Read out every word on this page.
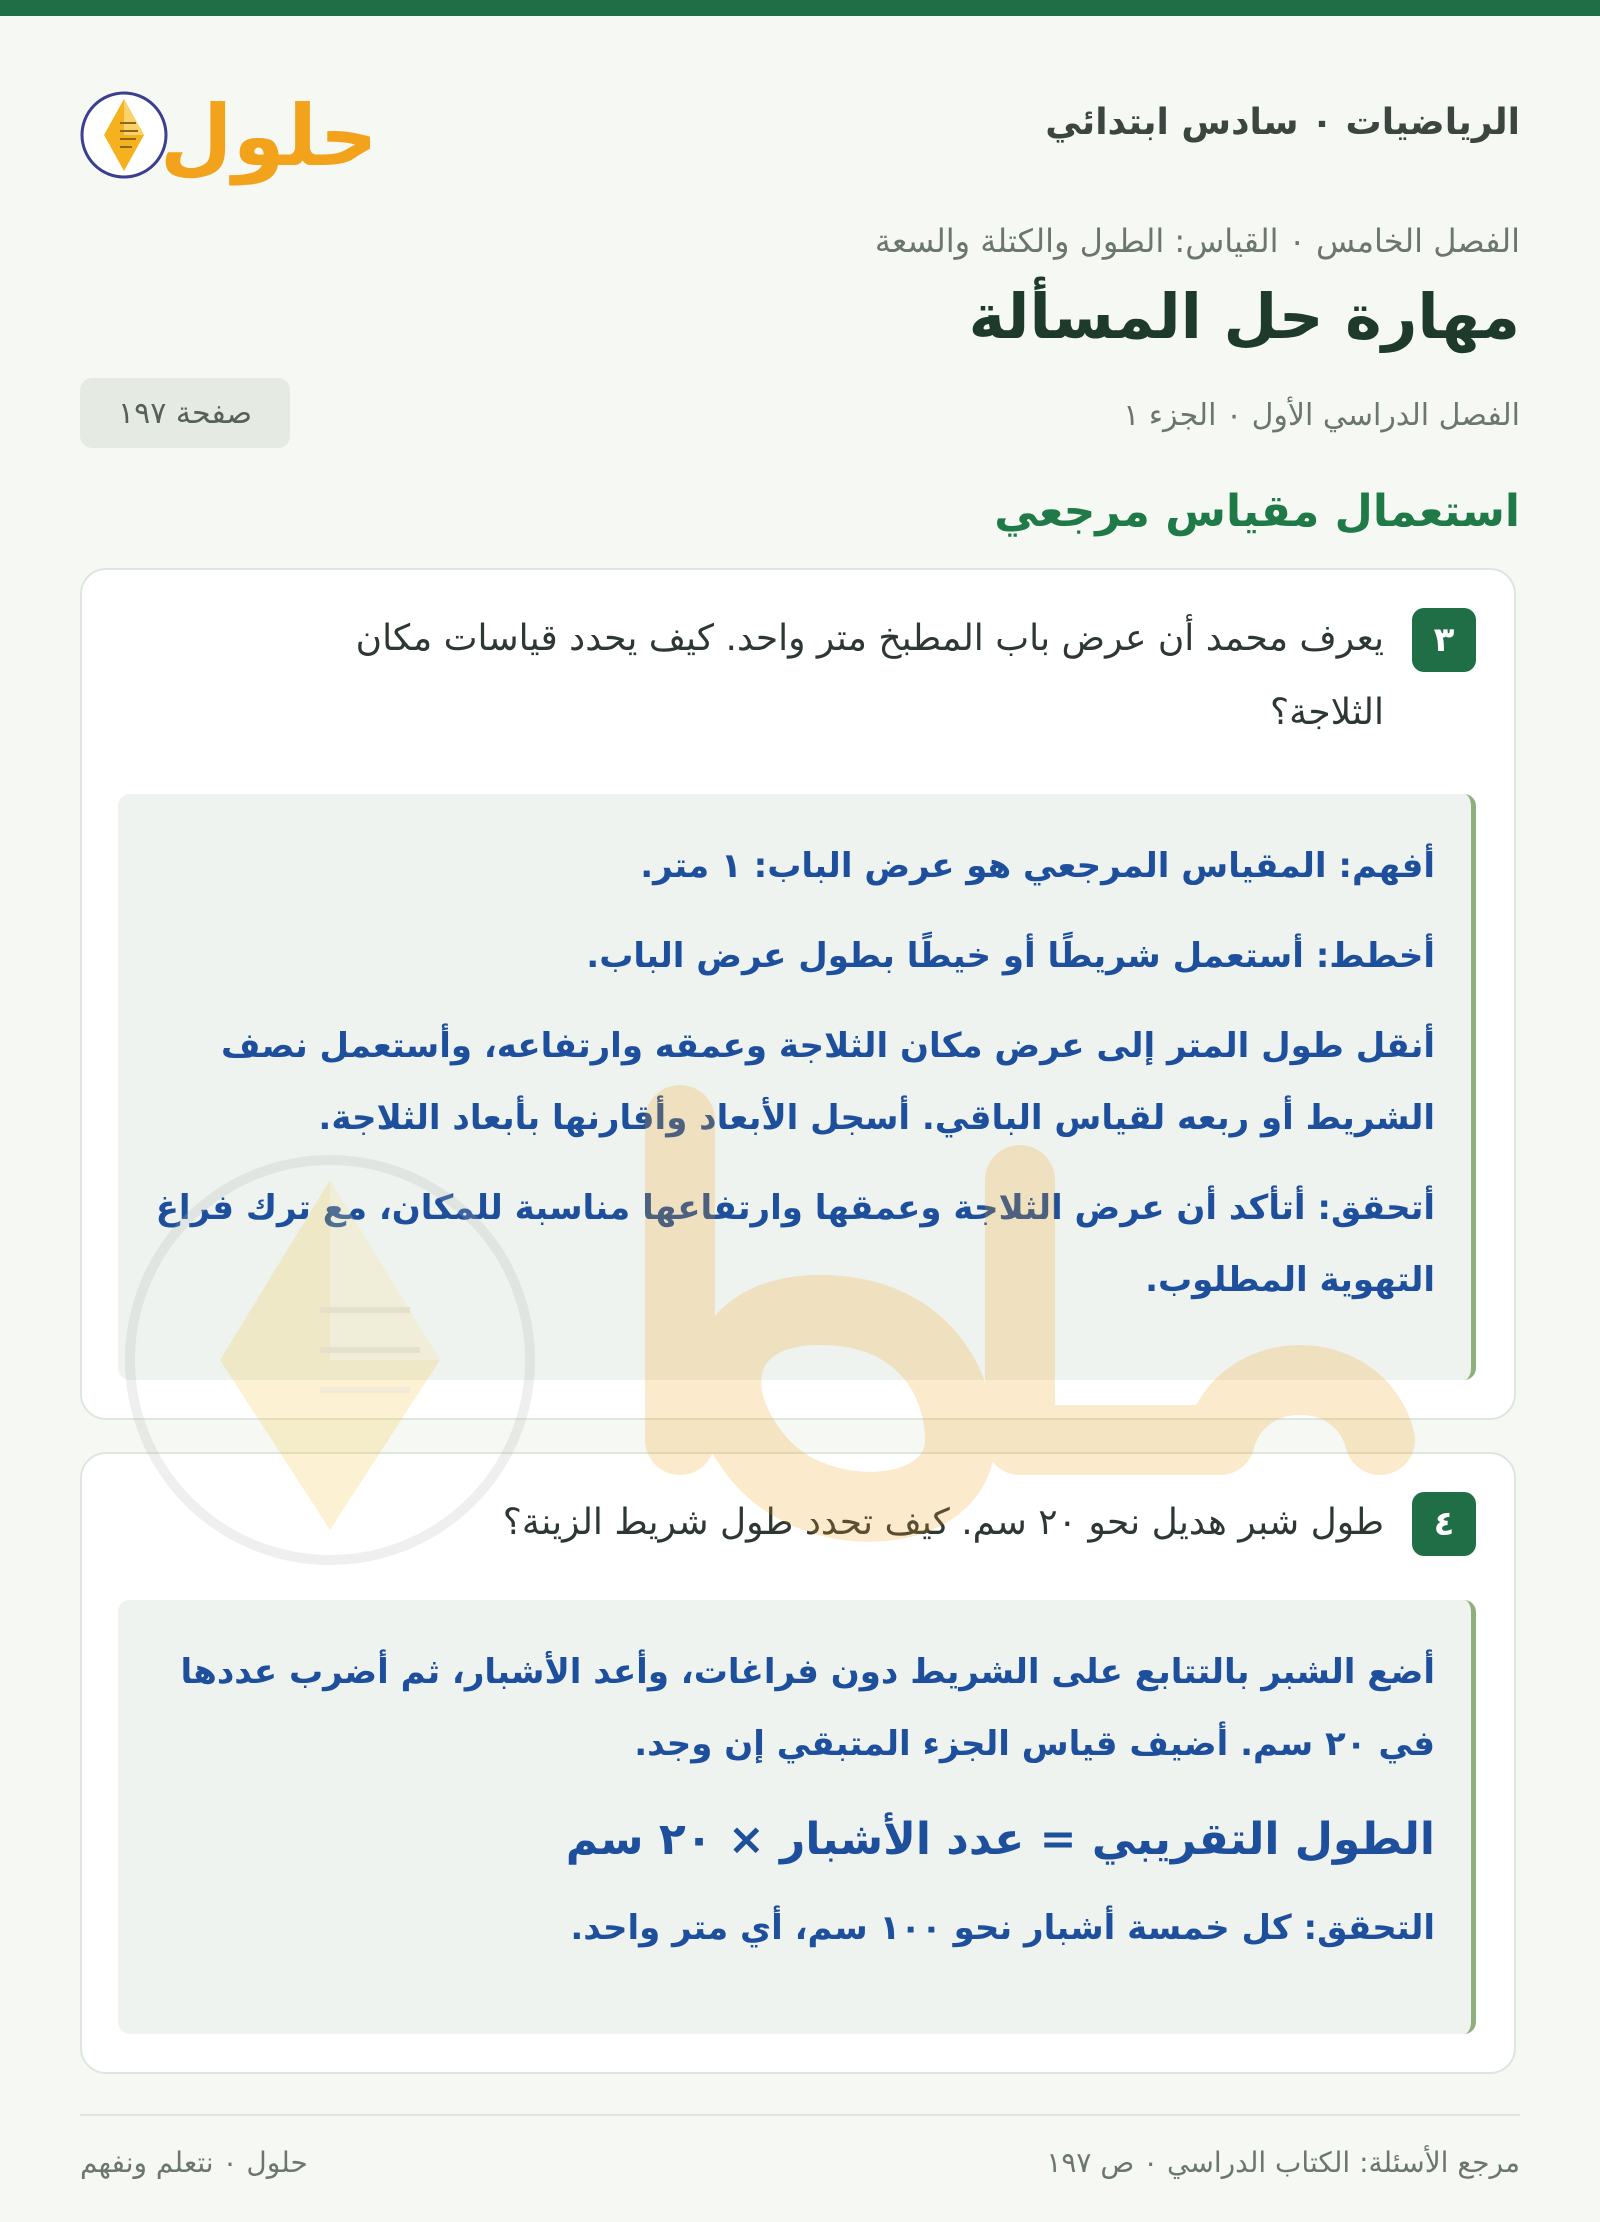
الرياضيات ٠ سادس ابتدائي
حلول
الفصل الخامس ٠ القياس: الطول والكتلة والسعة
مهارة حل المسألة
الفصل الدراسي الأول ٠ الجزء ١
صفحة ١٩٧
استعمال مقياس مرجعي
٣
يعرف محمد أن عرض باب المطبخ متر واحد. كيف يحدد قياسات مكان الثلاجة؟

أفهم: المقياس المرجعي هو عرض الباب: ١ متر.

أخطط: أستعمل شريطًا أو خيطًا بطول عرض الباب.

أنقل طول المتر إلى عرض مكان الثلاجة وعمقه وارتفاعه، وأستعمل نصف الشريط أو ربعه لقياس الباقي. أسجل الأبعاد وأقارنها بأبعاد الثلاجة.

أتحقق: أتأكد أن عرض الثلاجة وعمقها وارتفاعها مناسبة للمكان، مع ترك فراغ التهوية المطلوب.

٤
طول شبر هديل نحو ٢٠ سم. كيف تحدد طول شريط الزينة؟

أضع الشبر بالتتابع على الشريط دون فراغات، وأعد الأشبار، ثم أضرب عددها في ٢٠ سم. أضيف قياس الجزء المتبقي إن وجد.

الطول التقريبي = عدد الأشبار × ٢٠ سم

التحقق: كل خمسة أشبار نحو ١٠٠ سم، أي متر واحد.

مرجع الأسئلة: الكتاب الدراسي ٠ ص ١٩٧
حلول ٠ نتعلم ونفهم
